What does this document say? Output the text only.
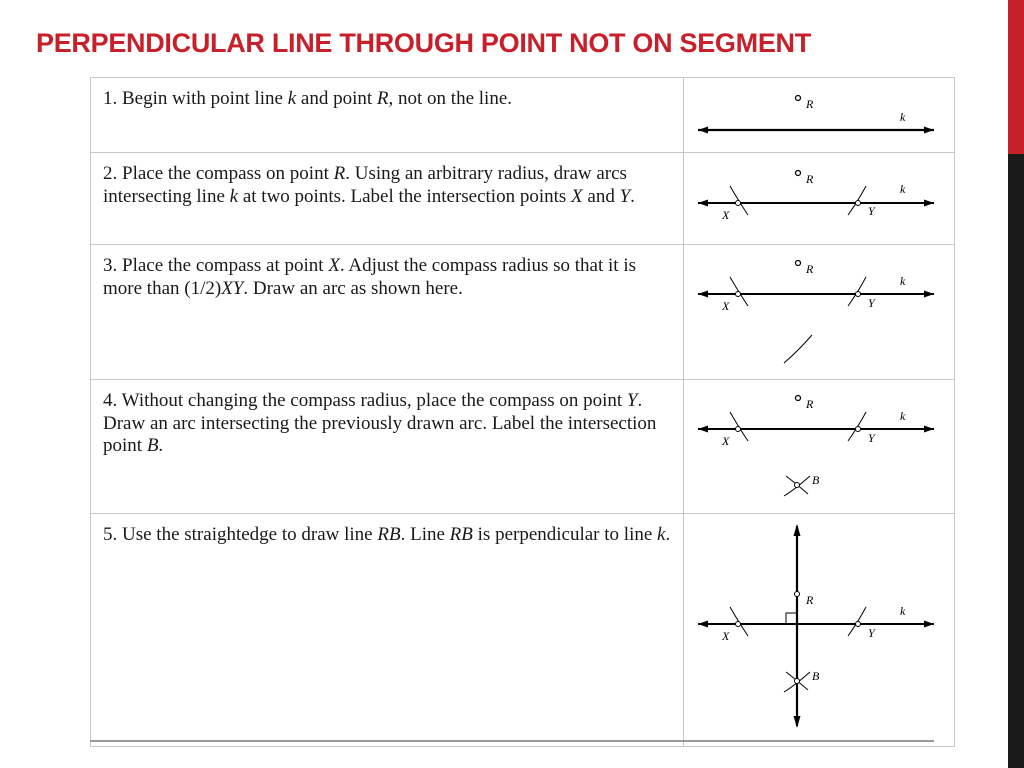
PERPENDICULAR LINE THROUGH POINT NOT ON SEGMENT
1. Begin with point line k and point R, not on the line.	R
k

2. Place the compass on point R. Using an arbitrary radius, draw arcs intersecting line k at two points. Label the intersection points X and Y.	R
k
X Y

3. Place the compass at point X. Adjust the compass radius so that it is more than (1/2)XY. Draw an arc as shown here.	R
k
X Y

4. Without changing the compass radius, place the compass on point Y. Draw an arc intersecting the previously drawn arc. Label the intersection point B.	R
k
X Y
B

5. Use the straightedge to draw line RB. Line RB is perpendicular to line k.	R
k
X Y
B
